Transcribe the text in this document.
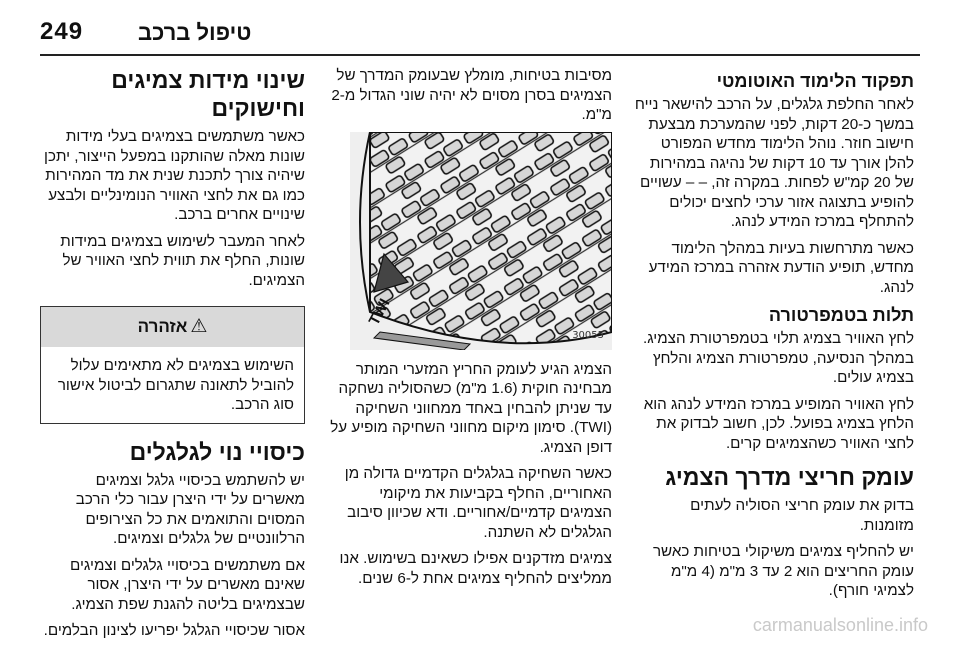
249 טיפול ברכב
תפקוד הלימוד האוטומטי

לאחר החלפת גלגלים, על הרכב להישאר נייח במשך כ-20 דקות, לפני שהמערכת מבצעת חישוב חוזר. נוהל הלימוד מחדש המפורט להלן אורך עד 10 דקות של נהיגה במהירות של 20 קמ"ש לפחות. במקרה זה, – – עשויים להופיע בתצוגה אזור ערכי לחצים יכולים להתחלף במרכז המידע לנהג.

כאשר מתרחשות בעיות במהלך הלימוד מחדש, תופיע הודעת אזהרה במרכז המידע לנהג.

תלות בטמפרטורה

לחץ האוויר בצמיג תלוי בטמפרטורת הצמיג. במהלך הנסיעה, טמפרטורת הצמיג והלחץ בצמיג עולים.

לחץ האוויר המופיע במרכז המידע לנהג הוא הלחץ בצמיג בפועל. לכן, חשוב לבדוק את לחצי האוויר כשהצמיגים קרים.

עומק חריצי מדרך הצמיג

בדוק את עומק חריצי הסוליה לעתים מזומנות.

יש להחליף צמיגים משיקולי בטיחות כאשר עומק החריצים הוא 2 עד 3 מ"מ (4 מ"מ לצמיגי חורף).

מסיבות בטיחות, מומלץ שבעומק המדרך של הצמיגים בסרן מסוים לא יהיה שוני הגדול מ-2 מ"מ.

TWI
30055

הצמיג הגיע לעומק החריץ המזערי המותר מבחינה חוקית (1.6 מ"מ) כשהסוליה נשחקה עד שניתן להבחין באחד ממחווני השחיקה (TWI). סימון מיקום מחווני השחיקה מופיע על דופן הצמיג.

כאשר השחיקה בגלגלים הקדמיים גדולה מן האחוריים, החלף בקביעות את מיקומי הצמיגים קדמיים/אחוריים. ודא שכיוון סיבוב הגלגלים לא השתנה.

צמיגים מזדקנים אפילו כשאינם בשימוש. אנו ממליצים להחליף צמיגים אחת ל-6 שנים.

שינוי מידות צמיגים וחישוקים

כאשר משתמשים בצמיגים בעלי מידות שונות מאלה שהותקנו במפעל הייצור, יתכן שיהיה צורך לתכנת שנית את מד המהירות כמו גם את לחצי האוויר הנומינליים ולבצע שינויים אחרים ברכב.

לאחר המעבר לשימוש בצמיגים במידות שונות, החלף את תווית לחצי האוויר של הצמיגים.

⚠אזהרה
השימוש בצמיגים לא מתאימים עלול להוביל לתאונה שתגרום לביטול אישור סוג הרכב.
כיסויי נוי לגלגלים

יש להשתמש בכיסויי גלגל וצמיגים מאשרים על ידי היצרן עבור כלי הרכב המסוים והתואמים את כל הצירופים הרלוונטיים של גלגלים וצמיגים.

אם משתמשים בכיסויי גלגלים וצמיגים שאינם מאשרים על ידי היצרן, אסור שבצמיגים בליטה להגנת שפת הצמיג.

אסור שכיסויי הגלגל יפריעו לצינון הבלמים.	carmanualsonline.info
